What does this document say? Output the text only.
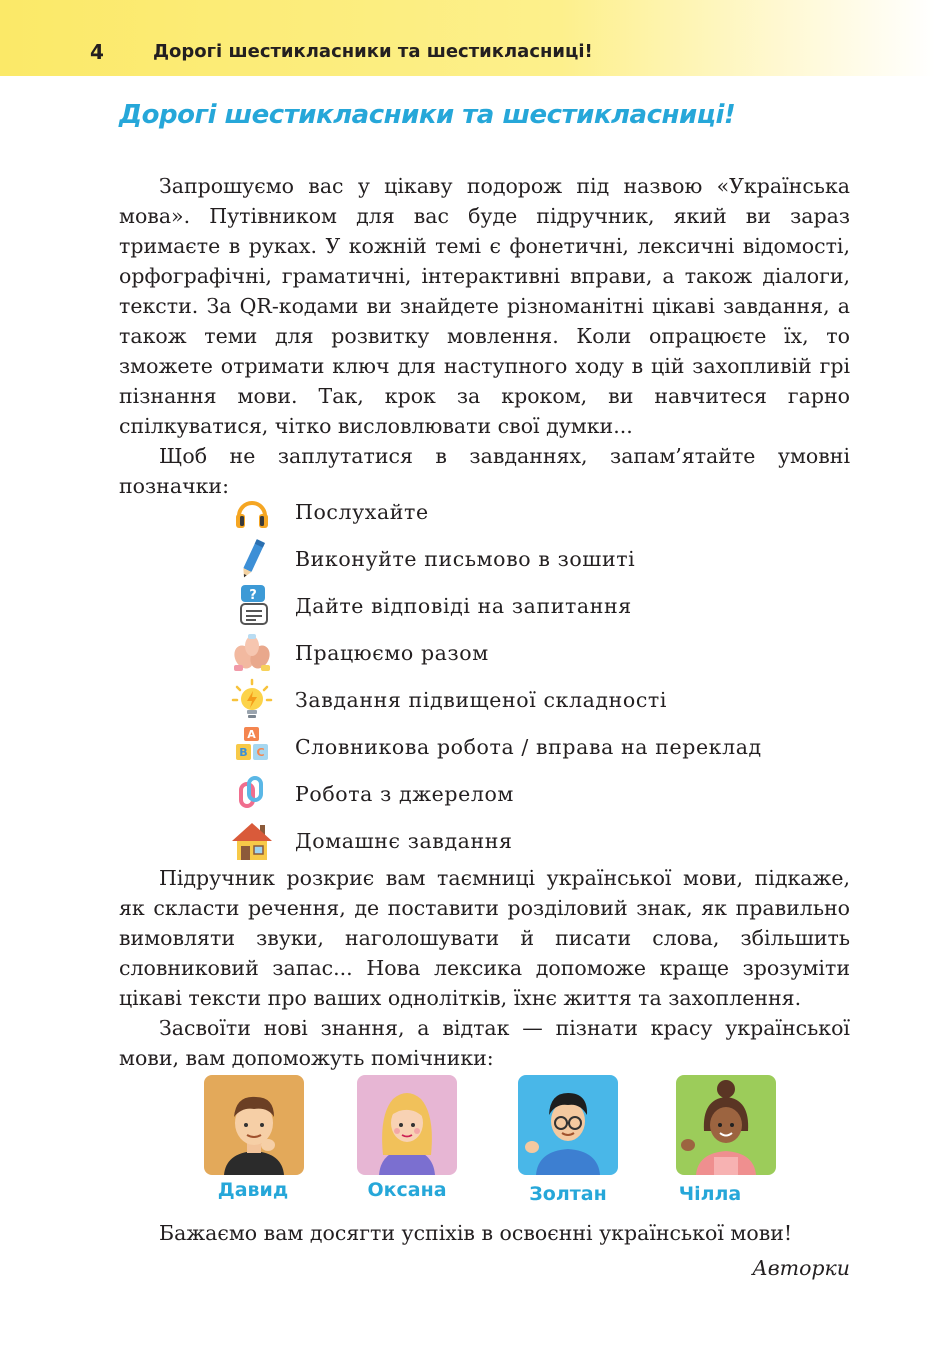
4	Дорогі шестикласники та шестикласниці!
Дорогі шестикласники та шестикласниці!

Запрошуємо вас у цікаву подорож під назвою «Українська мова». Путівником для вас буде підручник, який ви зараз тримаєте в руках. У кожній темі є фонетичні, лексичні відомості, орфографічні, граматичні, інтерактивні вправи, а також діалоги, тексти. За QR-кодами ви знайдете різноманітні цікаві завдання, а також теми для розвитку мовлення. Коли опрацюєте їх, то зможете отримати ключ для наступного ходу в цій захопливій грі пізнання мови. Так, крок за кроком, ви навчитеся гарно спілкуватися, чітко висловлювати свої думки...

Щоб не заплутатися в завданнях, запам’ятайте умовні позначки:

Послухайте
Виконуйте письмово в зошиті
? Дайте відповіді на запитання
Працюємо разом
Завдання підвищеної складності
A
B C Словникова робота / вправа на переклад
Робота з джерелом
Домашнє завдання

Підручник розкриє вам таємниці української мови, підкаже, як скласти речення, де поставити розділовий знак, як правильно вимовляти звуки, наголошувати й писати слова, збільшить словниковий запас... Нова лексика допоможе краще зрозуміти цікаві тексти про ваших однолітків, їхнє життя та захоплення.

Засвоїти нові знання, а відтак — пізнати красу української мови, вам допоможуть помічники:

Давид	Оксана	Золтан	Чілла
Бажаємо вам досягти успіхів в освоєнні української мови!
Авторки
